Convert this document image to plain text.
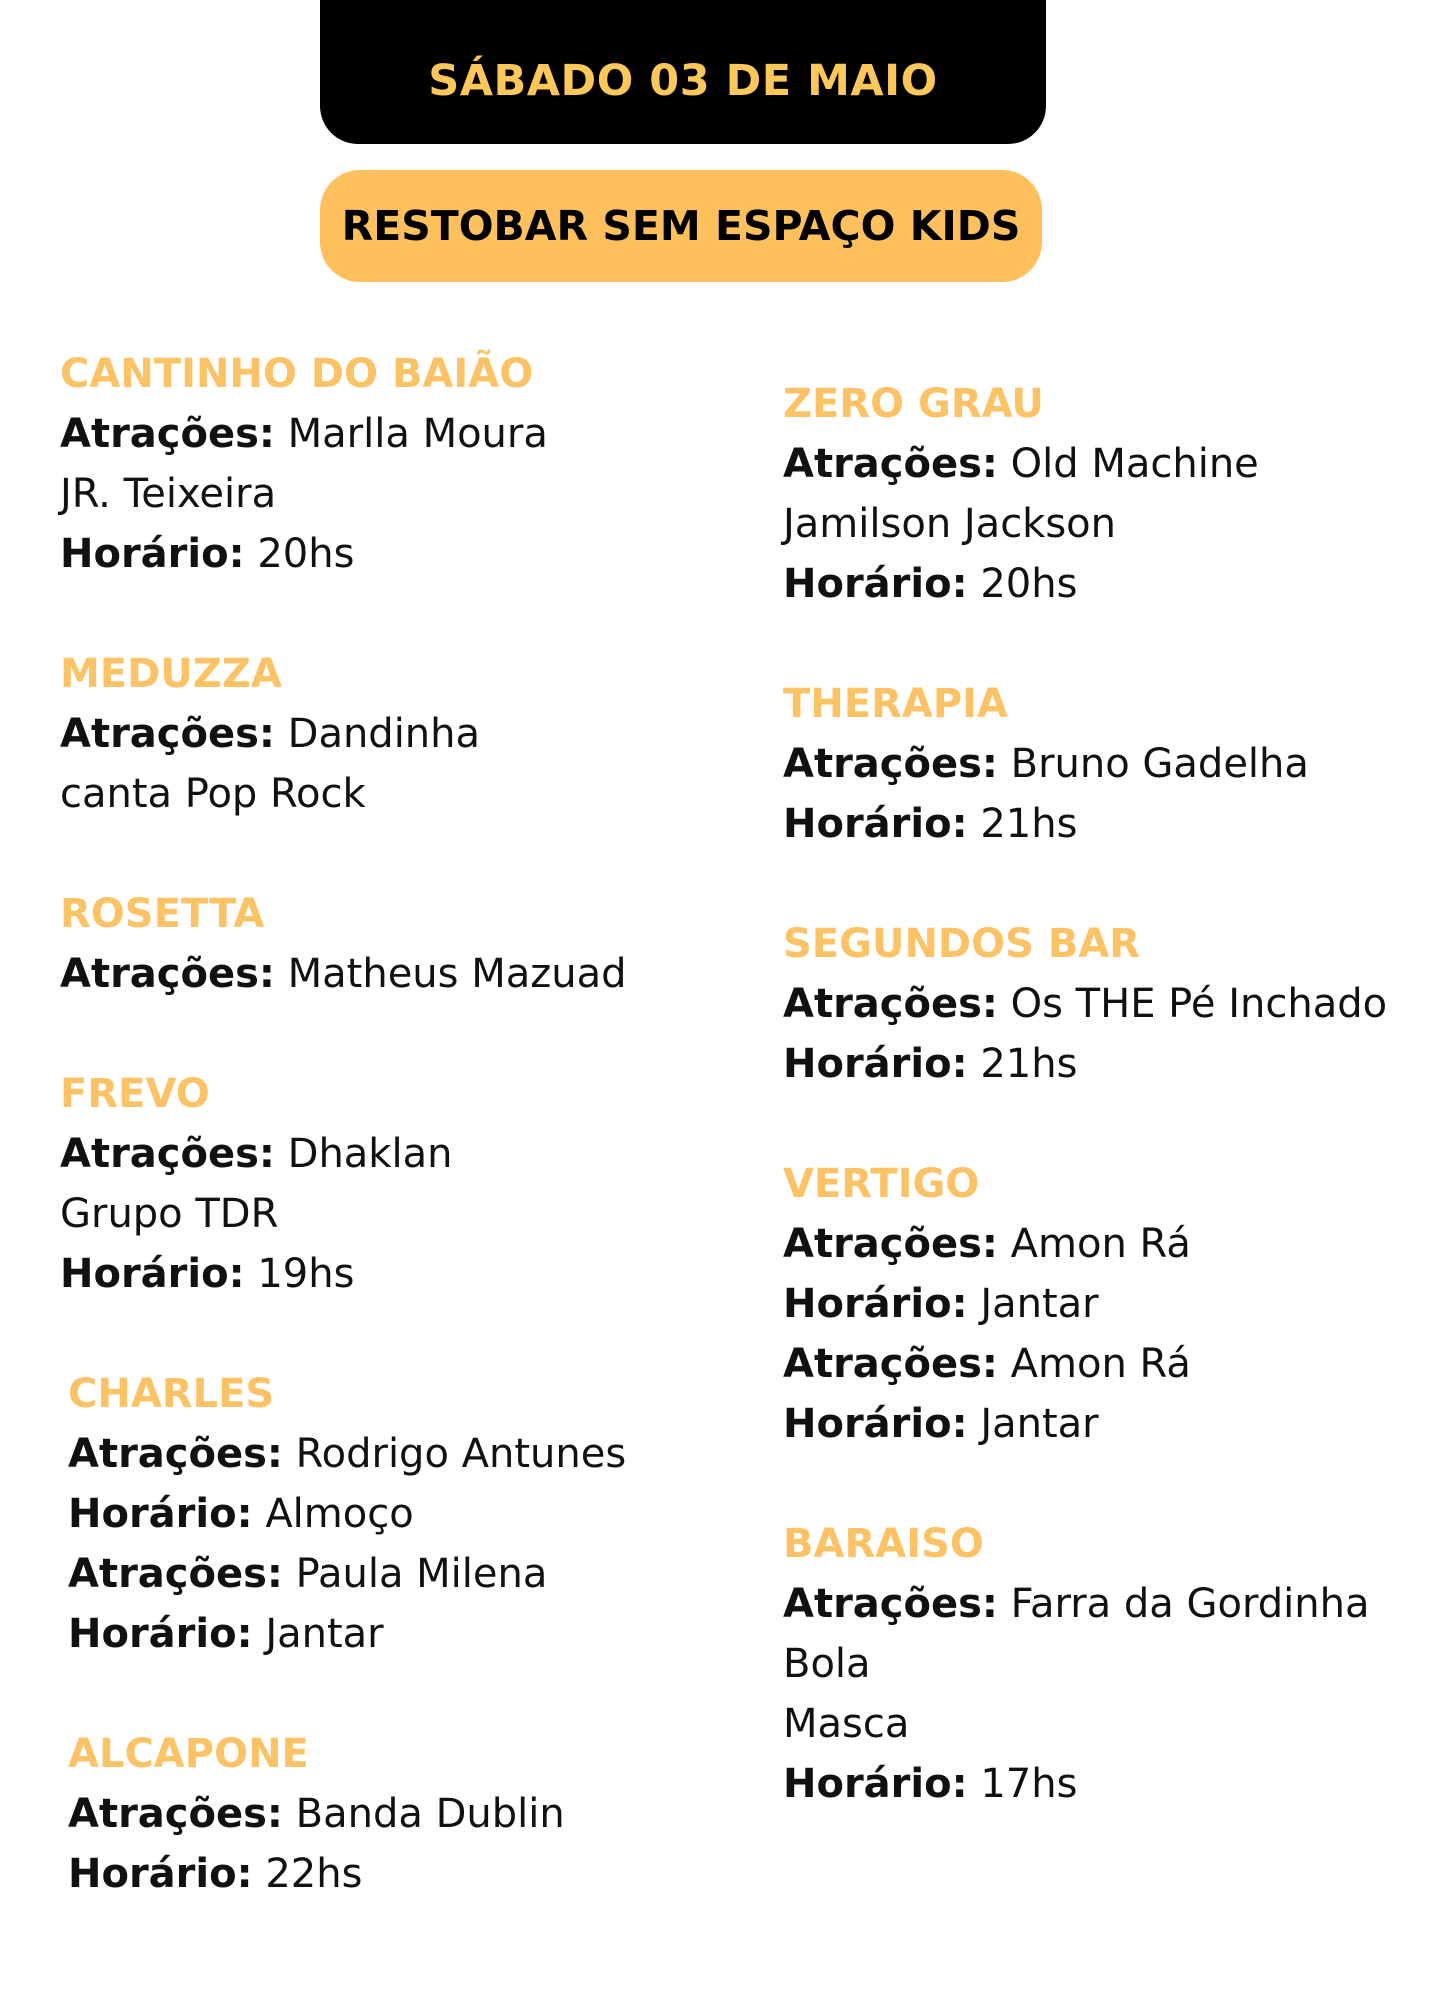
SÁBADO 03 DE MAIO
RESTOBAR SEM ESPAÇO KIDS
CANTINHO DO BAIÃO
Atrações: Marlla Moura
JR. Teixeira
Horário: 20hs
MEDUZZA
Atrações: Dandinha
canta Pop Rock
ROSETTA
Atrações: Matheus Mazuad
FREVO
Atrações: Dhaklan
Grupo TDR
Horário: 19hs
CHARLES
Atrações: Rodrigo Antunes
Horário: Almoço
Atrações: Paula Milena
Horário: Jantar
ALCAPONE
Atrações: Banda Dublin
Horário: 22hs
ZERO GRAU
Atrações: Old Machine
Jamilson Jackson
Horário: 20hs
THERAPIA
Atrações: Bruno Gadelha
Horário: 21hs
SEGUNDOS BAR
Atrações: Os THE Pé Inchado
Horário: 21hs
VERTIGO
Atrações: Amon Rá
Horário: Jantar
Atrações: Amon Rá
Horário: Jantar
BARAISO
Atrações: Farra da Gordinha
Bola
Masca
Horário: 17hs
